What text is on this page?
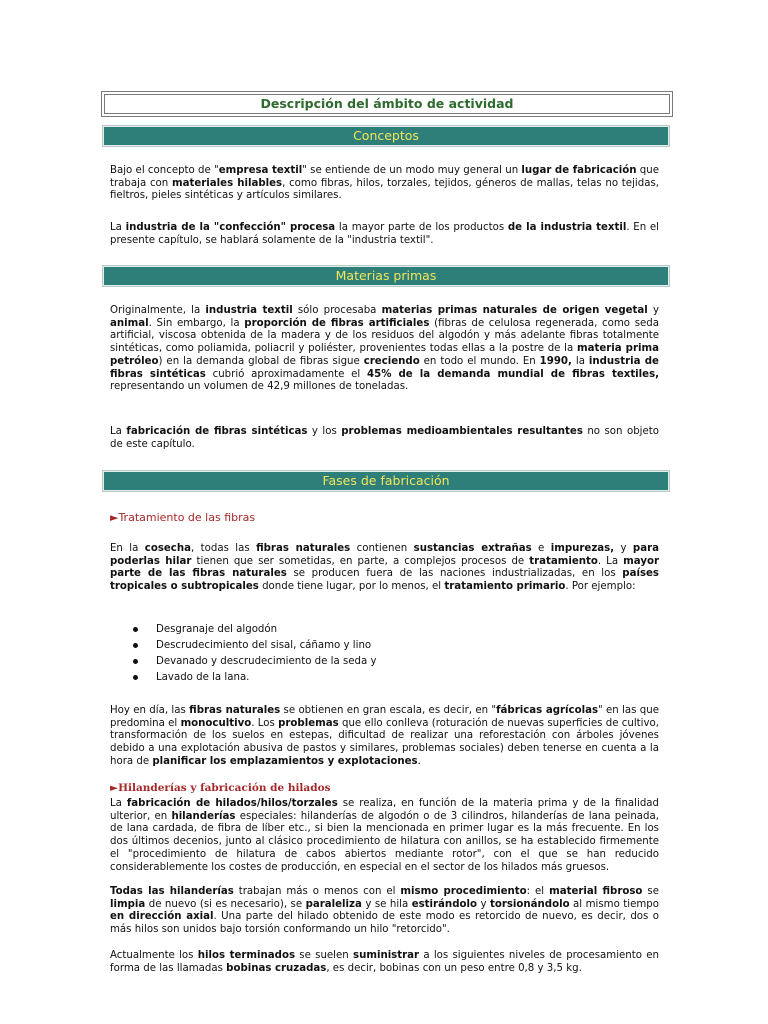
Descripción del ámbito de actividad
Conceptos

Bajo el concepto de "empresa textil" se entiende de un modo muy general un lugar de fabricación que trabaja con materiales hilables, como fibras, hilos, torzales, tejidos, géneros de mallas, telas no tejidas, fieltros, pieles sintéticas y artículos similares.

La industria de la "confección" procesa la mayor parte de los productos de la industria textil. En el presente capítulo, se hablará solamente de la "industria textil".

Materias primas

Originalmente, la industria textil sólo procesaba materias primas naturales de origen vegetal y animal. Sin embargo, la proporción de fibras artificiales (fibras de celulosa regenerada, como seda artificial, viscosa obtenida de la madera y de los residuos del algodón y más adelante fibras totalmente sintéticas, como poliamida, poliacril y poliéster, provenientes todas ellas a la postre de la materia prima petróleo) en la demanda global de fibras sigue creciendo en todo el mundo. En 1990, la industria de fibras sintéticas cubrió aproximadamente el 45% de la demanda mundial de fibras textiles, representando un volumen de 42,9 millones de toneladas.

La fabricación de fibras sintéticas y los problemas medioambientales resultantes no son objeto de este capítulo.

Fases de fabricación

►Tratamiento de las fibras

En la cosecha, todas las fibras naturales contienen sustancias extrañas e impurezas, y para poderlas hilar tienen que ser sometidas, en parte, a complejos procesos de tratamiento. La mayor parte de las fibras naturales se producen fuera de las naciones industrializadas, en los países tropicales o subtropicales donde tiene lugar, por lo menos, el tratamiento primario. Por ejemplo:

Desgranaje del algodón
Descrudecimiento del sisal, cáñamo y lino
Devanado y descrudecimiento de la seda y
Lavado de la lana.

Hoy en día, las fibras naturales se obtienen en gran escala, es decir, en "fábricas agrícolas" en las que predomina el monocultivo. Los problemas que ello conlleva (roturación de nuevas superficies de cultivo, transformación de los suelos en estepas, dificultad de realizar una reforestación con árboles jóvenes debido a una explotación abusiva de pastos y similares, problemas sociales) deben tenerse en cuenta a la hora de planificar los emplazamientos y explotaciones.

►Hilanderías y fabricación de hilados

La fabricación de hilados/hilos/torzales se realiza, en función de la materia prima y de la finalidad ulterior, en hilanderías especiales: hilanderías de algodón o de 3 cilindros, hilanderías de lana peinada, de lana cardada, de fibra de líber etc., si bien la mencionada en primer lugar es la más frecuente. En los dos últimos decenios, junto al clásico procedimiento de hilatura con anillos, se ha establecido firmemente el "procedimiento de hilatura de cabos abiertos mediante rotor", con el que se han reducido considerablemente los costes de producción, en especial en el sector de los hilados más gruesos.

Todas las hilanderías trabajan más o menos con el mismo procedimiento: el material fibroso se limpia de nuevo (si es necesario), se paraleliza y se hila estirándolo y torsionándolo al mismo tiempo en dirección axial. Una parte del hilado obtenido de este modo es retorcido de nuevo, es decir, dos o más hilos son unidos bajo torsión conformando un hilo "retorcido".

Actualmente los hilos terminados se suelen suministrar a los siguientes niveles de procesamiento en forma de las llamadas bobinas cruzadas, es decir, bobinas con un peso entre 0,8 y 3,5 kg.
